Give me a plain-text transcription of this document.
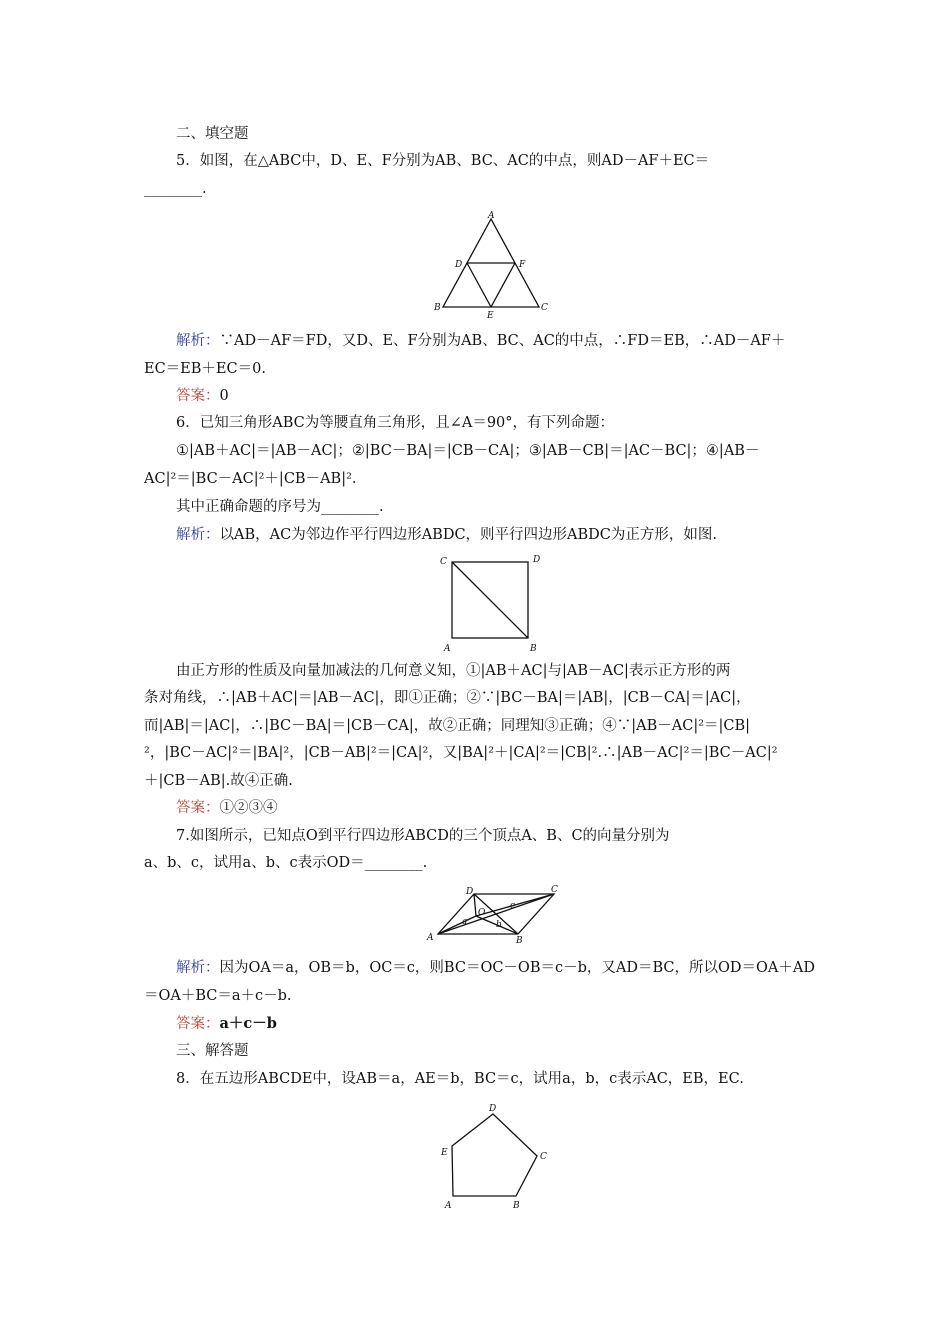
二、填空题
5．如图，在△ABC中，D、E、F分别为AB、BC、AC的中点，则AD－AF＋EC＝
________.
A
B	C
D
E
F
解析：∵AD－AF＝FD，又D、E、F分别为AB、BC、AC的中点，∴FD＝EB，∴AD－AF＋
EC＝EB＋EC＝0.
答案：0
6．已知三角形ABC为等腰直角三角形，且∠A＝90°，有下列命题：
①|AB＋AC|＝|AB－AC|；②|BC－BA|＝|CB－CA|；③|AB－CB|＝|AC－BC|；④|AB－
AC|²＝|BC－AC|²＋|CB－AB|².
其中正确命题的序号为________.
解析：以AB，AC为邻边作平行四边形ABDC，则平行四边形ABDC为正方形，如图.
C	D
A	B
由正方形的性质及向量加减法的几何意义知，①|AB＋AC|与|AB－AC|表示正方形的两
条对角线，∴|AB＋AC|＝|AB－AC|，即①正确；②∵|BC－BA|＝|AB|，|CB－CA|＝|AC|，
而|AB|＝|AC|，∴|BC－BA|＝|CB－CA|，故②正确；同理知③正确；④∵|AB－AC|²＝|CB|
²，|BC－AC|²＝|BA|²，|CB－AB|²＝|CA|²，又|BA|²＋|CA|²＝|CB|².∴|AB－AC|²＝|BC－AC|²
＋|CB－AB|.故④正确.
答案：①②③④
7.如图所示，已知点O到平行四边形ABCD的三个顶点A、B、C的向量分别为
a、b、c，试用a、b、c表示OD＝________.
D	C
A	B
O
a	b
c
解析：因为OA＝a，OB＝b，OC＝c，则BC＝OC－OB＝c－b，又AD＝BC，所以OD＝OA＋AD
＝OA＋BC＝a＋c－b.
答案：a＋c－b
三、解答题
8．在五边形ABCDE中，设AB＝a，AE＝b，BC＝c，试用a，b，c表示AC，EB，EC.
D
E	C
A	B
